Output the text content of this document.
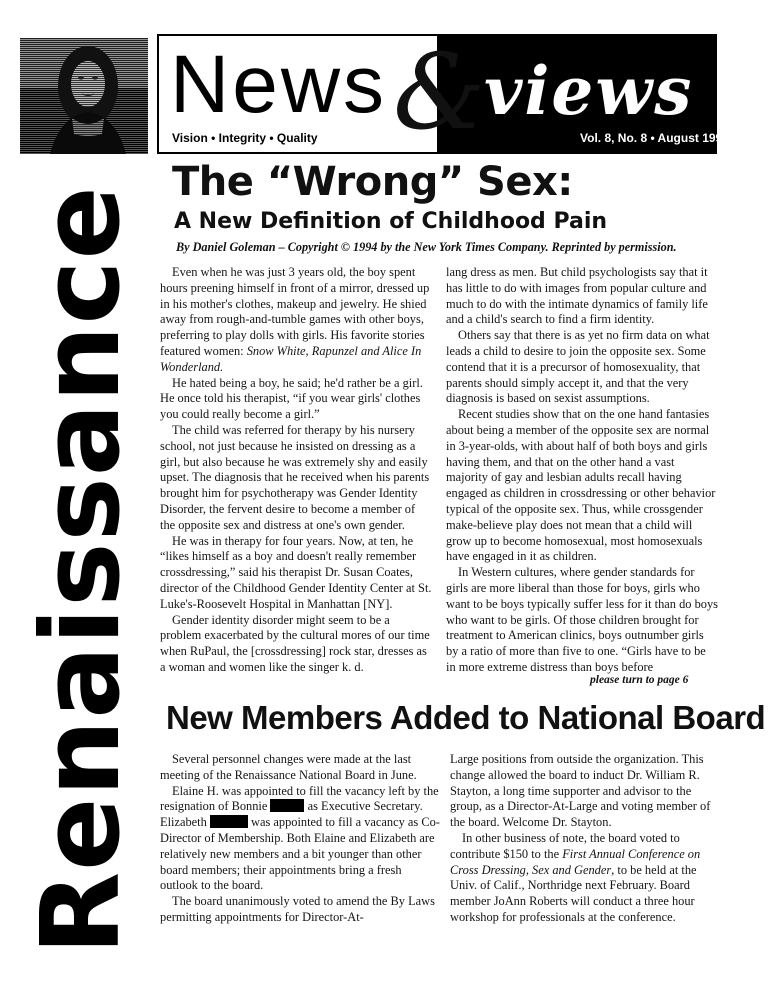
Renaissance
News &
views
Vision • Integrity • Quality	Vol. 8, No. 8 • August 1994
The “Wrong” Sex:
A New Definition of Childhood Pain
By Daniel Goleman – Copyright © 1994 by the New York Times Company. Reprinted by permission.

Even when he was just 3 years old, the boy spent hours preening himself in front of a mirror, dressed up in his mother's clothes, makeup and jewelry. He shied away from rough-and-tumble games with other boys, preferring to play dolls with girls. His favorite stories featured women: Snow White, Rapunzel and Alice In Wonderland.

He hated being a boy, he said; he'd rather be a girl. He once told his therapist, “if you wear girls' clothes you could really become a girl.”

The child was referred for therapy by his nursery school, not just because he insisted on dressing as a girl, but also because he was extremely shy and easily upset. The diagnosis that he received when his parents brought him for psychotherapy was Gender Identity Disorder, the fervent desire to become a member of the opposite sex and distress at one's own gender.

He was in therapy for four years. Now, at ten, he “likes himself as a boy and doesn't really remember crossdressing,” said his therapist Dr. Susan Coates, director of the Childhood Gender Identity Center at St. Luke's-Roosevelt Hospital in Manhattan [NY].

Gender identity disorder might seem to be a problem exacerbated by the cultural mores of our time when RuPaul, the [crossdressing] rock star, dresses as a woman and women like the singer k. d.

lang dress as men. But child psychologists say that it has little to do with images from popular culture and much to do with the intimate dynamics of family life and a child's search to find a firm identity.

Others say that there is as yet no firm data on what leads a child to desire to join the opposite sex. Some contend that it is a precursor of homosexuality, that parents should simply accept it, and that the very diagnosis is based on sexist assumptions.

Recent studies show that on the one hand fantasies about being a member of the opposite sex are normal in 3-year-olds, with about half of both boys and girls having them, and that on the other hand a vast majority of gay and lesbian adults recall having engaged as children in crossdressing or other behavior typical of the opposite sex. Thus, while crossgender make-believe play does not mean that a child will grow up to become homosexual, most homosexuals have engaged in it as children.

In Western cultures, where gender standards for girls are more liberal than those for boys, girls who want to be boys typically suffer less for it than do boys who want to be girls. Of those children brought for treatment to American clinics, boys outnumber girls by a ratio of more than five to one. “Girls have to be in more extreme distress than boys before

please turn to page 6
New Members Added to National Board

Several personnel changes were made at the last meeting of the Renaissance National Board in June.

Elaine H. was appointed to fill the vacancy left by the resignation of Bonnie	as Executive Secretary. Elizabeth	was appointed to fill a vacancy as Co-Director of Membership. Both Elaine and Elizabeth are relatively new members and a bit younger than other board members; their appointments bring a fresh outlook to the board.

The board unanimously voted to amend the By Laws permitting appointments for Director-At-

Large positions from outside the organization. This change allowed the board to induct Dr. William R. Stayton, a long time supporter and advisor to the group, as a Director-At-Large and voting member of the board. Welcome Dr. Stayton.

In other business of note, the board voted to contribute $150 to the First Annual Conference on Cross Dressing, Sex and Gender, to be held at the Univ. of Calif., Northridge next February. Board member JoAnn Roberts will conduct a three hour workshop for professionals at the conference.
